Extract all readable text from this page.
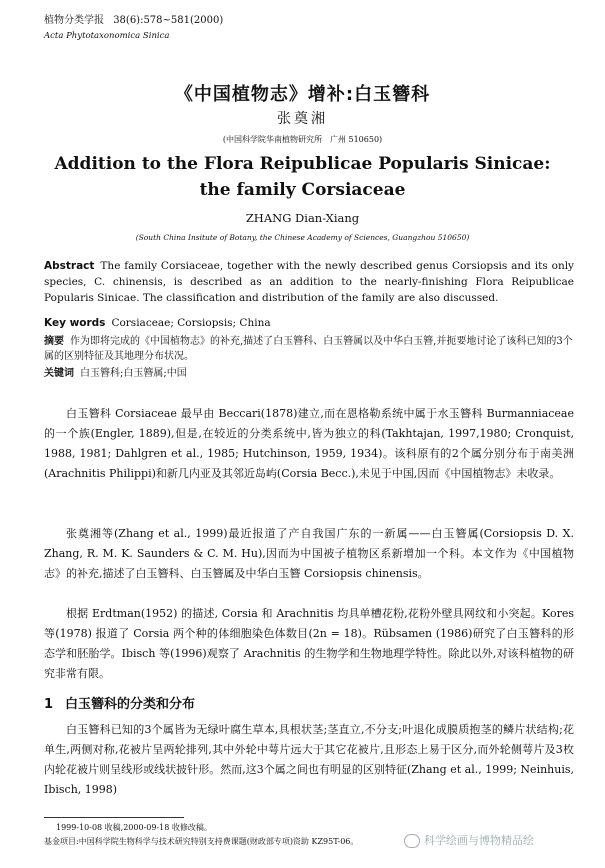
植物分类学报 38(6):578~581(2000)
Acta Phytotaxonomica Sinica
《中国植物志》增补:白玉簪科
张奠湘
(中国科学院华南植物研究所　广州 510650)
Addition to the Flora Reipublicae Popularis Sinicae:
the family Corsiaceae
ZHANG Dian-Xiang
(South China Insitute of Botany, the Chinese Academy of Sciences, Guangzhou 510650)
Abstract The family Corsiaceae, together with the newly described genus Corsiopsis and its only species, C. chinensis, is described as an addition to the nearly-finishing Flora Reipublicae Popularis Sinicae. The classification and distribution of the family are also discussed.
Key words Corsiaceae; Corsiopsis; China
摘要 作为即将完成的《中国植物志》的补充,描述了白玉簪科、白玉簪属以及中华白玉簪,并扼要地讨论了该科已知的3个属的区别特征及其地理分布状况。
关键词 白玉簪科;白玉簪属;中国
白玉簪科 Corsiaceae 最早由 Beccari(1878)建立,而在恩格勒系统中属于水玉簪科 Burmanniaceae 的一个族(Engler, 1889),但是,在较近的分类系统中,皆为独立的科(Takhtajan, 1997,1980; Cronquist, 1988, 1981; Dahlgren et al., 1985; Hutchinson, 1959, 1934)。该科原有的2个属分别分布于南美洲(Arachnitis Philippi)和新几内亚及其邻近岛屿(Corsia Becc.),未见于中国,因而《中国植物志》未收录。
张奠湘等(Zhang et al., 1999)最近报道了产自我国广东的一新属——白玉簪属(Corsiopsis D. X. Zhang, R. M. K. Saunders & C. M. Hu),因而为中国被子植物区系新增加一个科。本文作为《中国植物志》的补充,描述了白玉簪科、白玉簪属及中华白玉簪 Corsiopsis chinensis。
根据 Erdtman(1952) 的描述, Corsia 和 Arachnitis 均具单槽花粉,花粉外壁具网纹和小突起。Kores 等(1978) 报道了 Corsia 两个种的体细胞染色体数目(2n = 18)。Rübsamen (1986)研究了白玉簪科的形态学和胚胎学。Ibisch 等(1996)观察了 Arachnitis 的生物学和生物地理学特性。除此以外,对该科植物的研究非常有限。
1 白玉簪科的分类和分布
白玉簪科已知的3个属皆为无绿叶腐生草本,具根状茎;茎直立,不分支;叶退化成膜质抱茎的鳞片状结构;花单生,两侧对称,花被片呈两轮排列,其中外轮中萼片远大于其它花被片,且形态上易于区分,而外轮侧萼片及3枚内轮花被片则呈线形或线状披针形。然而,这3个属之间也有明显的区别特征(Zhang et al., 1999; Neinhuis, Ibisch, 1998)
1999-10-08 收稿,2000-09-18 收修改稿。
基金项目:中国科学院生物科学与技术研究特别支持费课题(财政部专项)资助 KZ95T-06。	科学绘画与博物精品绘
